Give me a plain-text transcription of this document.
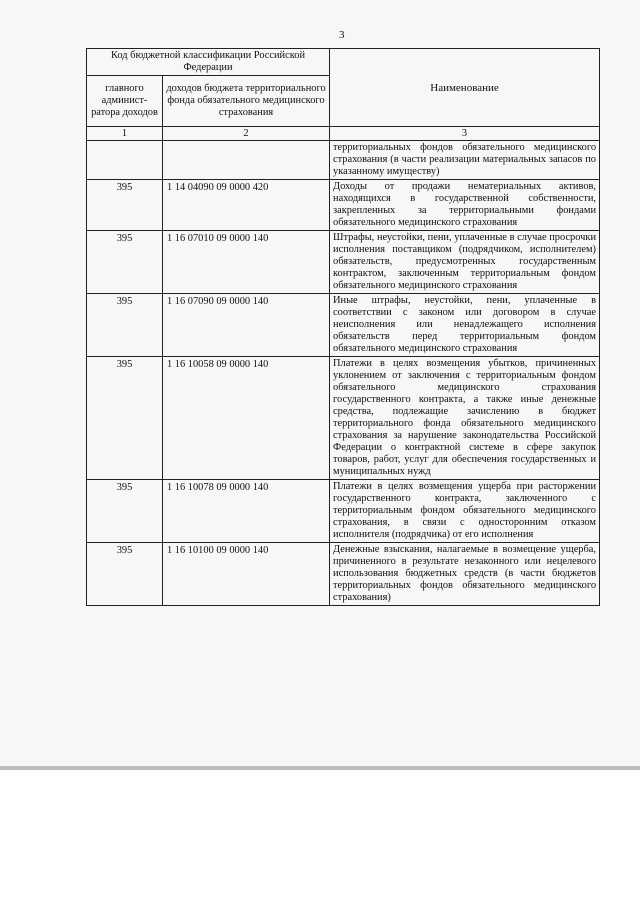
3
Код бюджетной классификации Российской Федерации		Наименование
главного админист-ратора доходов	доходов бюджета территориального фонда обязательного медицинского страхования	
1	2	3
		территориальных фондов обязательного медицинского страхования (в части реализации материальных запасов по указанному имуществу)
395	1 14 04090 09 0000 420	Доходы от продажи нематериальных активов, находящихся в государственной собственности, закрепленных за территориальными фондами обязательного медицинского страхования
395	1 16 07010 09 0000 140	Штрафы, неустойки, пени, уплаченные в случае просрочки исполнения поставщиком (подрядчиком, исполнителем) обязательств, предусмотренных государственным контрактом, заключенным территориальным фондом обязательного медицинского страхования
395	1 16 07090 09 0000 140	Иные штрафы, неустойки, пени, уплаченные в соответствии с законом или договором в случае неисполнения или ненадлежащего исполнения обязательств перед территориальным фондом обязательного медицинского страхования
395	1 16 10058 09 0000 140	Платежи в целях возмещения убытков, причиненных уклонением от заключения с территориальным фондом обязательного медицинского страхования государственного контракта, а также иные денежные средства, подлежащие зачислению в бюджет территориального фонда обязательного медицинского страхования за нарушение законодательства Российской Федерации о контрактной системе в сфере закупок товаров, работ, услуг для обеспечения государственных и муниципальных нужд
395	1 16 10078 09 0000 140	Платежи в целях возмещения ущерба при расторжении государственного контракта, заключенного с территориальным фондом обязательного медицинского страхования, в связи с односторонним отказом исполнителя (подрядчика) от его исполнения
395	1 16 10100 09 0000 140	Денежные взыскания, налагаемые в возмещение ущерба, причиненного в результате незаконного или нецелевого использования бюджетных средств (в части бюджетов территориальных фондов обязательного медицинского страхования)
